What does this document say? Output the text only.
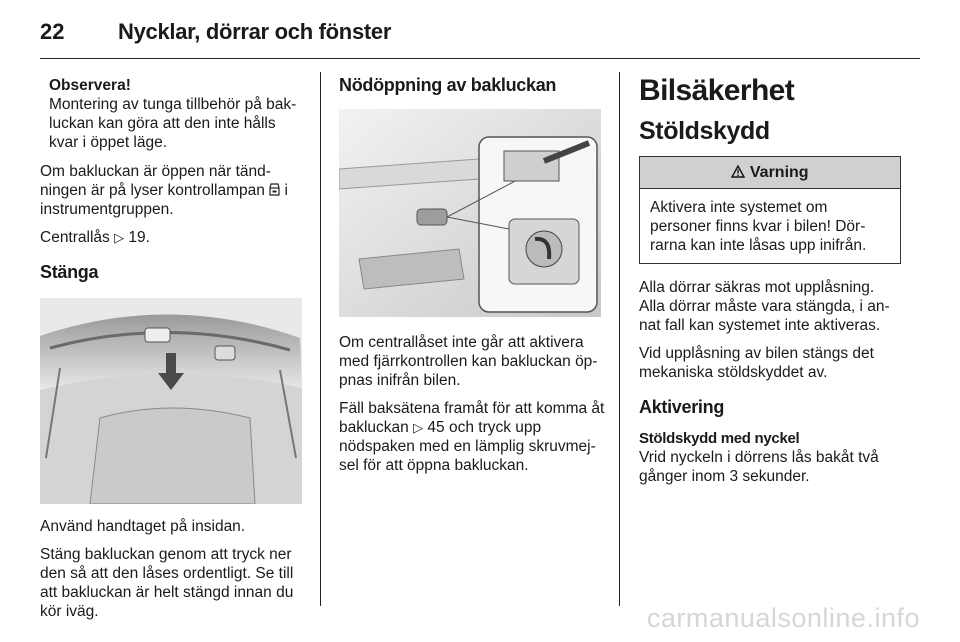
22	Nycklar, dörrar och fönster
Observera!
Montering av tunga tillbehör på bak- luckan kan göra att den inte hålls kvar i öppet läge.

Om bakluckan är öppen när tänd- ningen är på lyser kontrollampan i instrumentgruppen.

Centrallås ▷ 19.

Stänga

Använd handtaget på insidan.

Stäng bakluckan genom att tryck ner den så att den låses ordentligt. Se till att bakluckan är helt stängd innan du kör iväg.

Nödöppning av bakluckan

Om centrallåset inte går att aktivera med fjärrkontrollen kan bakluckan öp- pnas inifrån bilen.

Fäll baksätena framåt för att komma åt bakluckan ▷ 45 och tryck upp nödspaken med en lämplig skruvmej- sel för att öppna bakluckan.

Bilsäkerhet
Stöldskydd
Varning
Aktivera inte systemet om personer finns kvar i bilen! Dör- rarna kan inte låsas upp inifrån.

Alla dörrar säkras mot upplåsning. Alla dörrar måste vara stängda, i an- nat fall kan systemet inte aktiveras.

Vid upplåsning av bilen stängs det mekaniska stöldskyddet av.

Aktivering
Stöldskydd med nyckel

Vrid nyckeln i dörrens lås bakåt två gånger inom 3 sekunder.

carmanualsonline.info
